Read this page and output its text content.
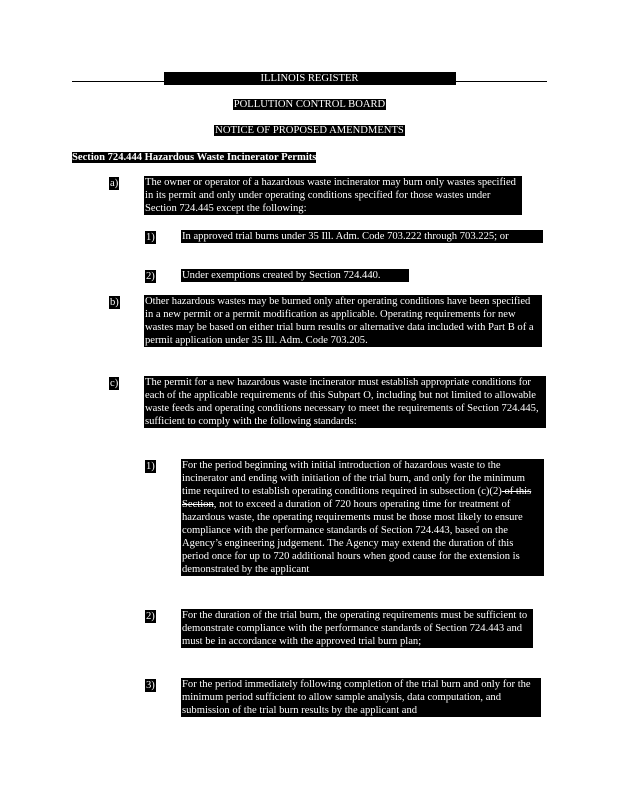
ILLINOIS REGISTER
POLLUTION CONTROL BOARD
NOTICE OF PROPOSED AMENDMENTS
Section 724.444 Hazardous Waste Incinerator Permits
a)	The owner or operator of a hazardous waste incinerator may burn only wastes specified in its permit and only under operating conditions specified for those wastes under Section 724.445 except the following:
1)	In approved trial burns under 35 Ill. Adm. Code 703.222 through 703.225; or
2)	Under exemptions created by Section 724.440.
b) Other hazardous wastes may be burned only after operating conditions have been specified in a new permit or a permit modification as applicable. Operating requirements for new wastes may be based on either trial burn results or alternative data included with Part B of a permit application under 35 Ill. Adm. Code 703.205.
c)	The permit for a new hazardous waste incinerator must establish appropriate conditions for each of the applicable requirements of this Subpart O, including but not limited to allowable waste feeds and operating conditions necessary to meet the requirements of Section 724.445, sufficient to comply with the following standards:
1)	For the period beginning with initial introduction of hazardous waste to the incinerator and ending with initiation of the trial burn, and only for the minimum time required to establish operating conditions required in subsection (c)(2) of this Section, not to exceed a duration of 720 hours operating time for treatment of hazardous waste, the operating requirements must be those most likely to ensure compliance with the performance standards of Section 724.443, based on the Agency’s engineering judgement. The Agency may extend the duration of this period once for up to 720 additional hours when good cause for the extension is demonstrated by the applicant
2)	For the duration of the trial burn, the operating requirements must be sufficient to demonstrate compliance with the performance standards of Section 724.443 and must be in accordance with the approved trial burn plan;
3)	For the period immediately following completion of the trial burn and only for the minimum period sufficient to allow sample analysis, data computation, and submission of the trial burn results by the applicant and
